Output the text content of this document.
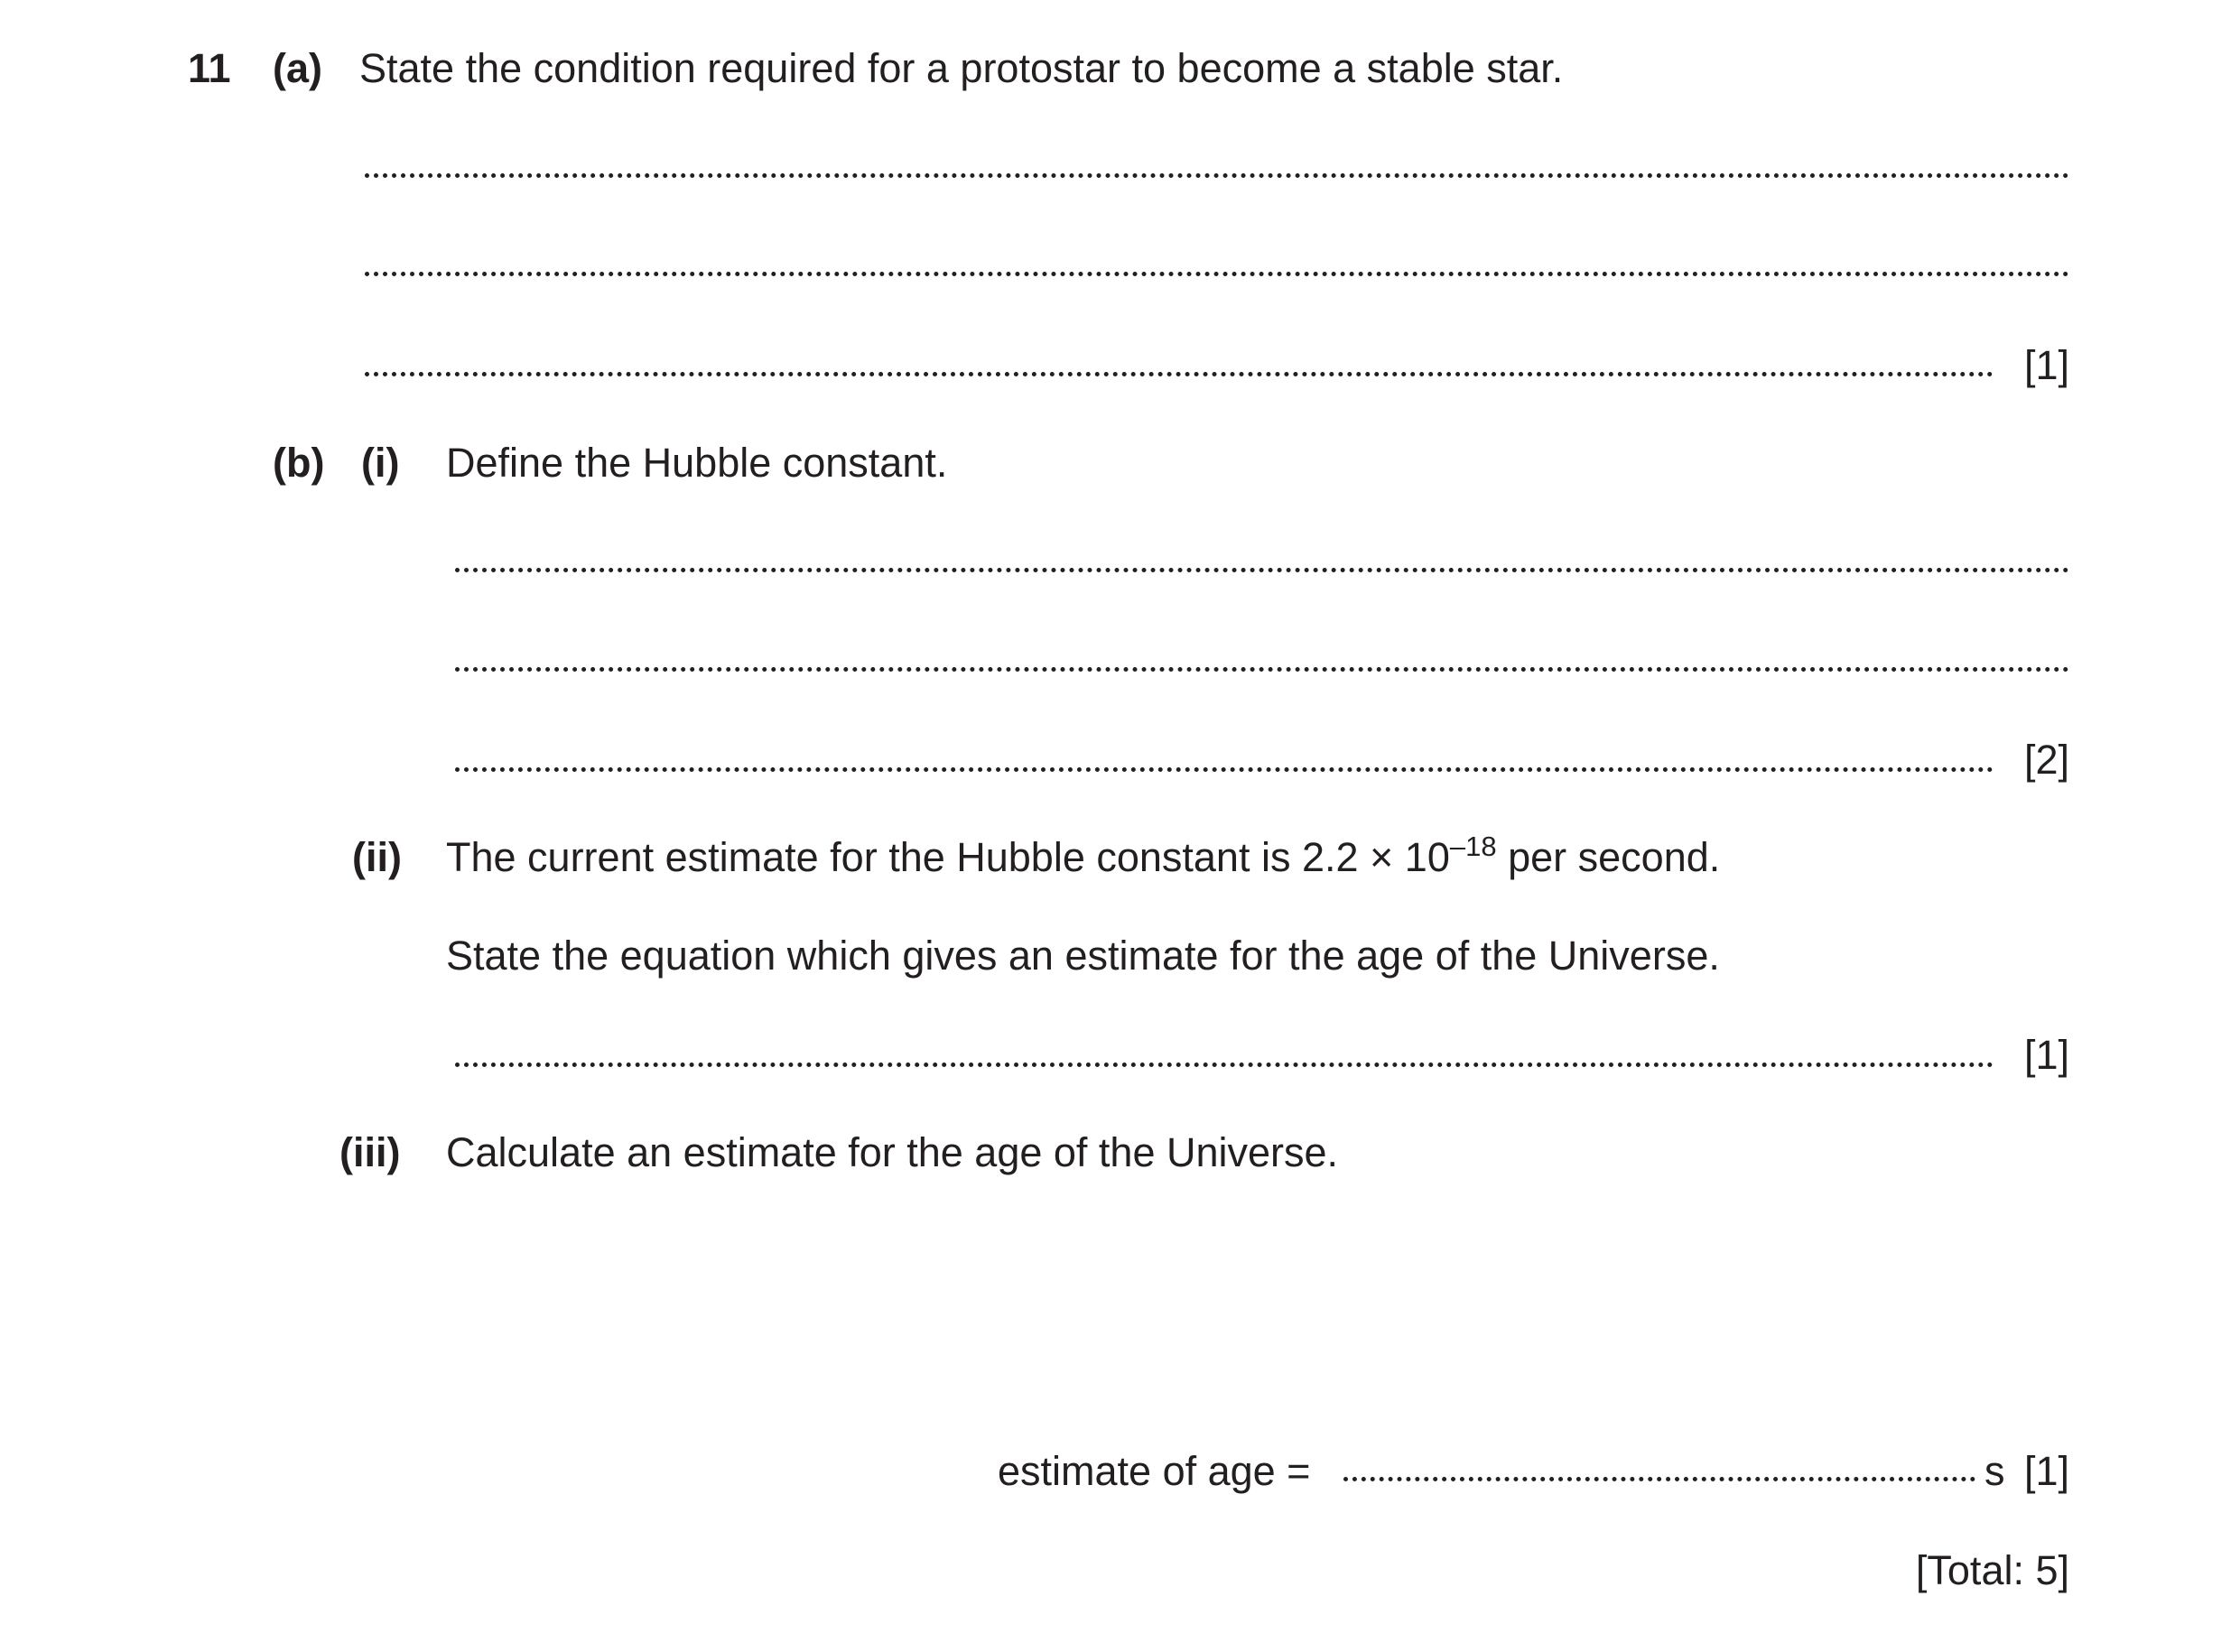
11 (a) State the condition required for a protostar to become a stable star.
[1]
(b) (i) Define the Hubble constant.
[2]
(ii) The current estimate for the Hubble constant is $2.2 \times 10^{-18}$ per second.
State the equation which gives an estimate for the age of the Universe.
[1]
(iii) Calculate an estimate for the age of the Universe.
estimate of age =	s [1]
[Total: 5]
